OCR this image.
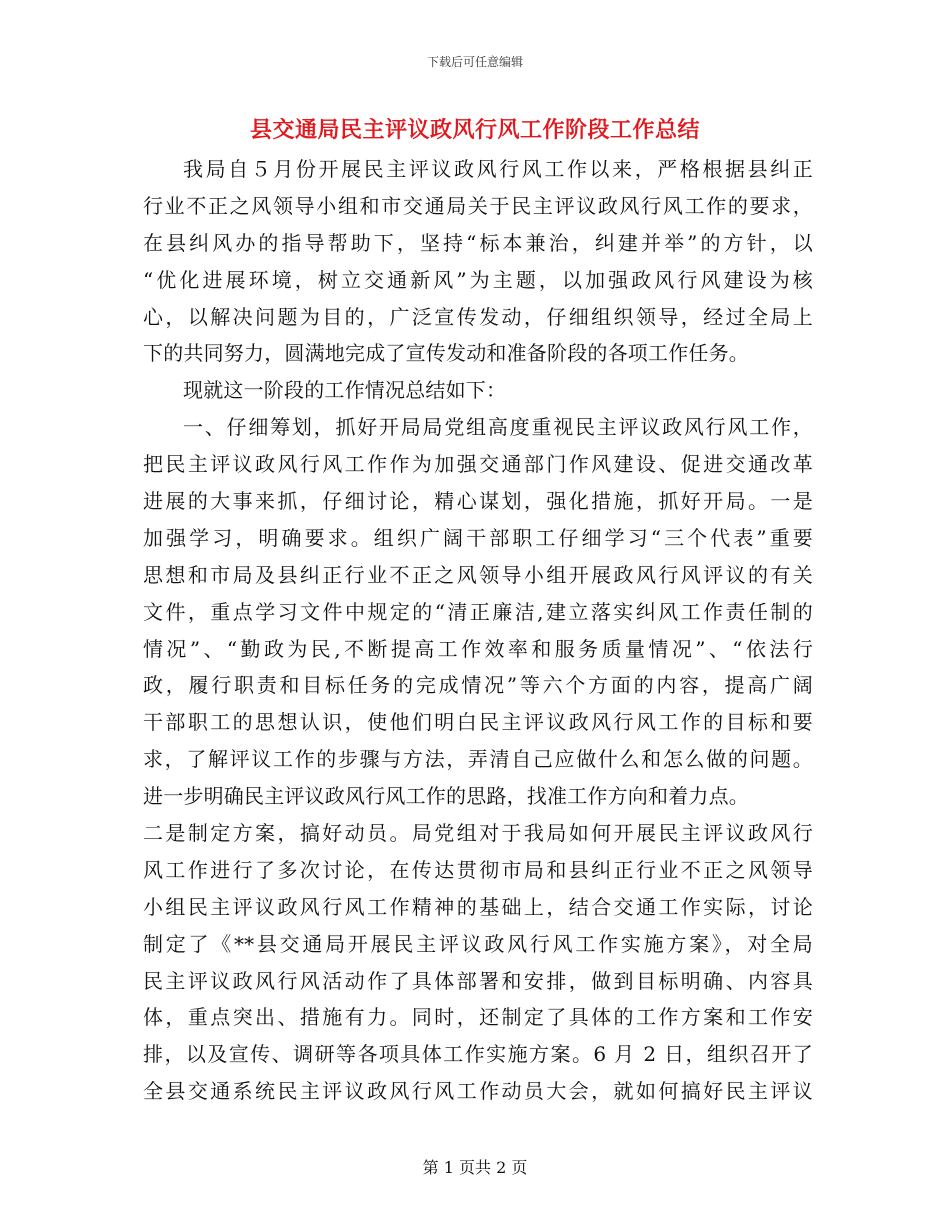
下载后可任意编辑
县交通局民主评议政风行风工作阶段工作总结
我局自５月份开展民主评议政风行风工作以来，严格根据县纠正
行业不正之风领导小组和市交通局关于民主评议政风行风工作的要求，
在县纠风办的指导帮助下，坚持“标本兼治，纠建并举”的方针，以
“优化进展环境，树立交通新风”为主题，以加强政风行风建设为核
心，以解决问题为目的，广泛宣传发动，仔细组织领导，经过全局上
下的共同努力，圆满地完成了宣传发动和准备阶段的各项工作任务。
现就这一阶段的工作情况总结如下：
一、仔细筹划，抓好开局局党组高度重视民主评议政风行风工作，
把民主评议政风行风工作作为加强交通部门作风建设、促进交通改革
进展的大事来抓，仔细讨论，精心谋划，强化措施，抓好开局。一是
加强学习，明确要求。组织广阔干部职工仔细学习“三个代表”重要
思想和市局及县纠正行业不正之风领导小组开展政风行风评议的有关
文件，重点学习文件中规定的“清正廉洁,建立落实纠风工作责任制的
情况”、“勤政为民,不断提高工作效率和服务质量情况”、“依法行
政，履行职责和目标任务的完成情况”等六个方面的内容，提高广阔
干部职工的思想认识，使他们明白民主评议政风行风工作的目标和要
求，了解评议工作的步骤与方法，弄清自己应做什么和怎么做的问题。
进一步明确民主评议政风行风工作的思路，找准工作方向和着力点。
二是制定方案，搞好动员。局党组对于我局如何开展民主评议政风行
风工作进行了多次讨论，在传达贯彻市局和县纠正行业不正之风领导
小组民主评议政风行风工作精神的基础上，结合交通工作实际，讨论
制定了《**县交通局开展民主评议政风行风工作实施方案》，对全局
民主评议政风行风活动作了具体部署和安排，做到目标明确、内容具
体，重点突出、措施有力。同时，还制定了具体的工作方案和工作安
排，以及宣传、调研等各项具体工作实施方案。6 月 2 日，组织召开了
全县交通系统民主评议政风行风工作动员大会，就如何搞好民主评议
第 1 页共 2 页
